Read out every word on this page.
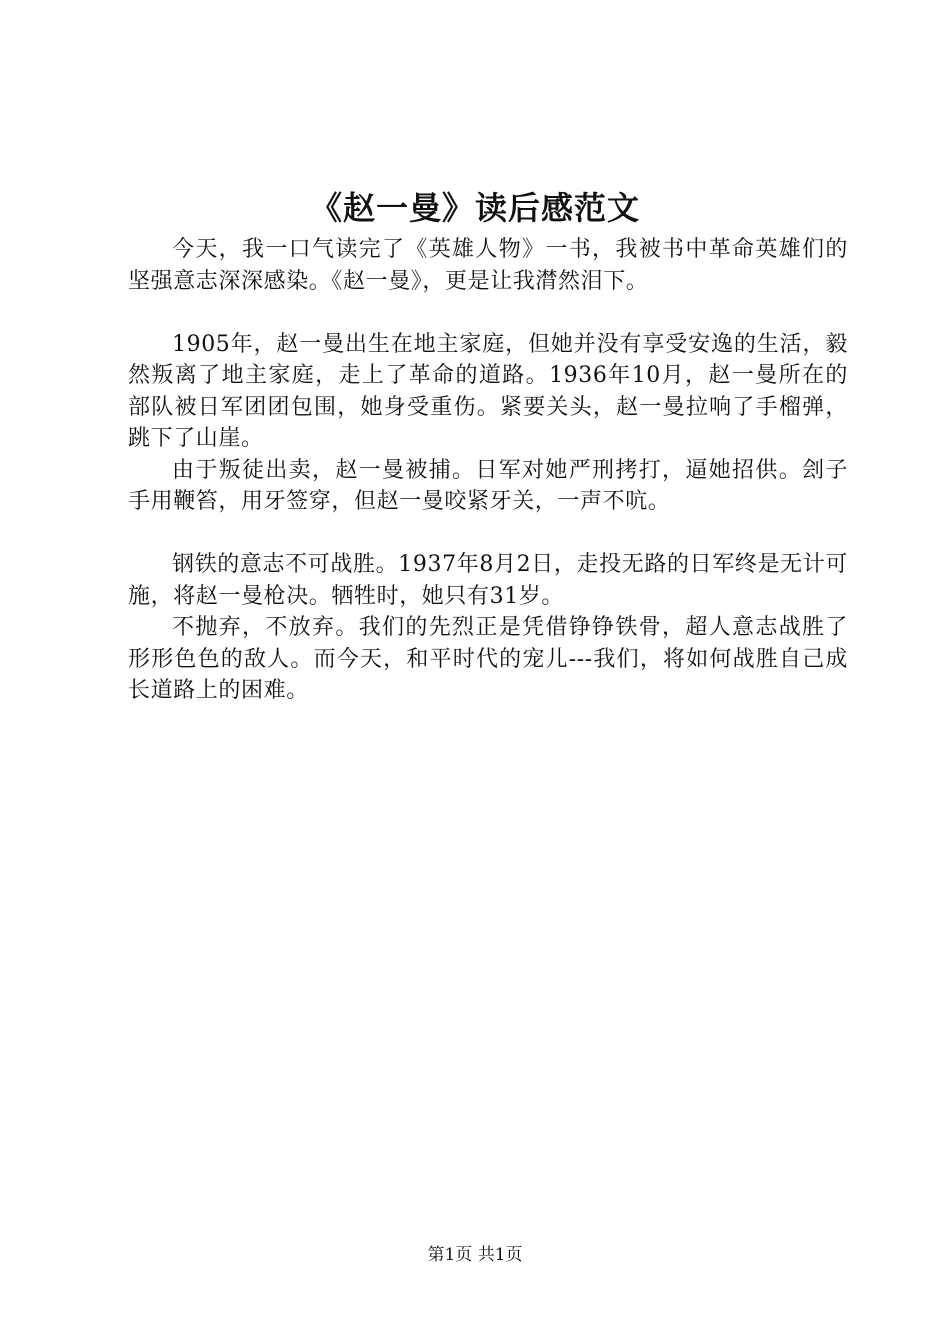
《赵一曼》读后感范文

今天，我一口气读完了《英雄人物》一书，我被书中革命英雄们的坚强意志深深感染。《赵一曼》，更是让我潸然泪下。

1905年，赵一曼出生在地主家庭，但她并没有享受安逸的生活，毅然叛离了地主家庭，走上了革命的道路。1936年10月，赵一曼所在的部队被日军团团包围，她身受重伤。紧要关头，赵一曼拉响了手榴弹，跳下了山崖。

由于叛徒出卖，赵一曼被捕。日军对她严刑拷打，逼她招供。刽子手用鞭笞，用牙签穿，但赵一曼咬紧牙关，一声不吭。

钢铁的意志不可战胜。1937年8月2日，走投无路的日军终是无计可施，将赵一曼枪决。牺牲时，她只有31岁。

不抛弃，不放弃。我们的先烈正是凭借铮铮铁骨，超人意志战胜了形形色色的敌人。而今天，和平时代的宠儿---我们，将如何战胜自己成长道路上的困难。

第1页 共1页
